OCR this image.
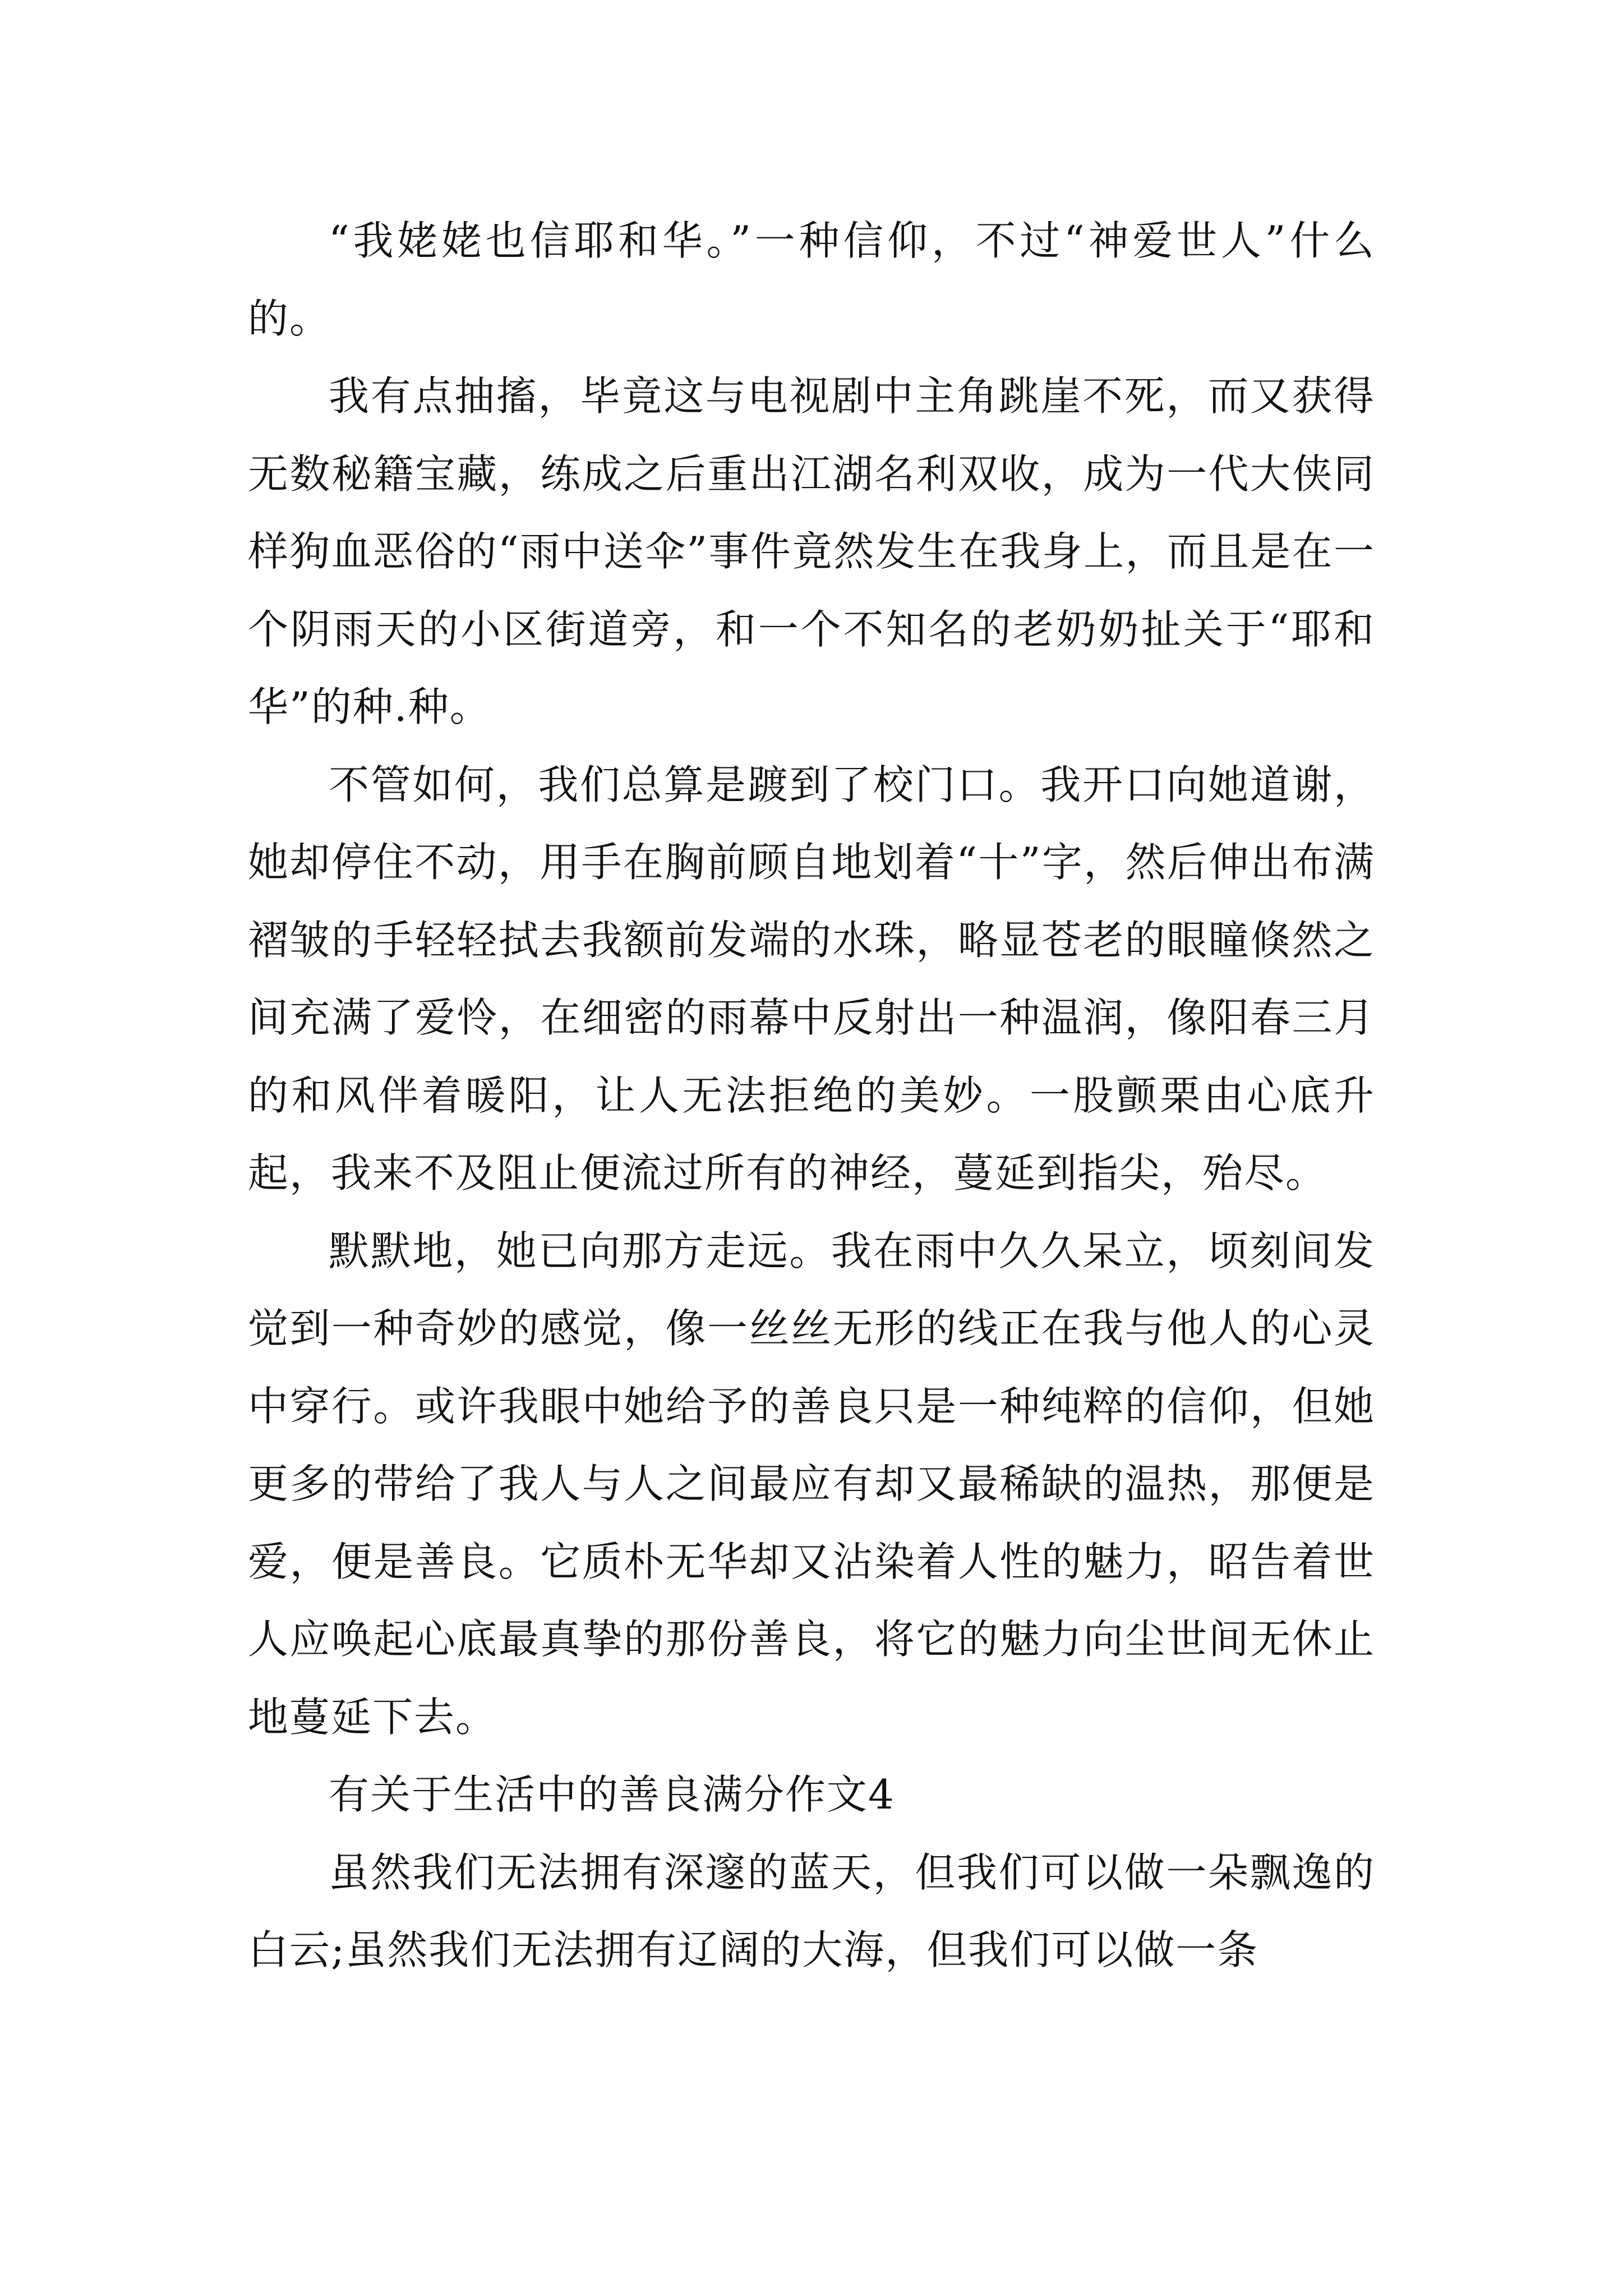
“我姥姥也信耶和华。”一种信仰，不过“神爱世人”什么的。

我有点抽搐，毕竟这与电视剧中主角跳崖不死，而又获得无数秘籍宝藏，练成之后重出江湖名利双收，成为一代大侠同样狗血恶俗的“雨中送伞”事件竟然发生在我身上，而且是在一个阴雨天的小区街道旁，和一个不知名的老奶奶扯关于“耶和华”的种.种。

不管如何，我们总算是踱到了校门口。我开口向她道谢，她却停住不动，用手在胸前顾自地划着“十”字，然后伸出布满褶皱的手轻轻拭去我额前发端的水珠，略显苍老的眼瞳倏然之间充满了爱怜，在细密的雨幕中反射出一种温润，像阳春三月的和风伴着暖阳，让人无法拒绝的美妙。一股颤栗由心底升起，我来不及阻止便流过所有的神经，蔓延到指尖，殆尽。

默默地，她已向那方走远。我在雨中久久呆立，顷刻间发觉到一种奇妙的感觉，像一丝丝无形的线正在我与他人的心灵中穿行。或许我眼中她给予的善良只是一种纯粹的信仰，但她更多的带给了我人与人之间最应有却又最稀缺的温热，那便是爱，便是善良。它质朴无华却又沾染着人性的魅力，昭告着世人应唤起心底最真挚的那份善良，将它的魅力向尘世间无休止地蔓延下去。

有关于生活中的善良满分作文4

虽然我们无法拥有深邃的蓝天，但我们可以做一朵飘逸的白云;虽然我们无法拥有辽阔的大海，但我们可以做一条
